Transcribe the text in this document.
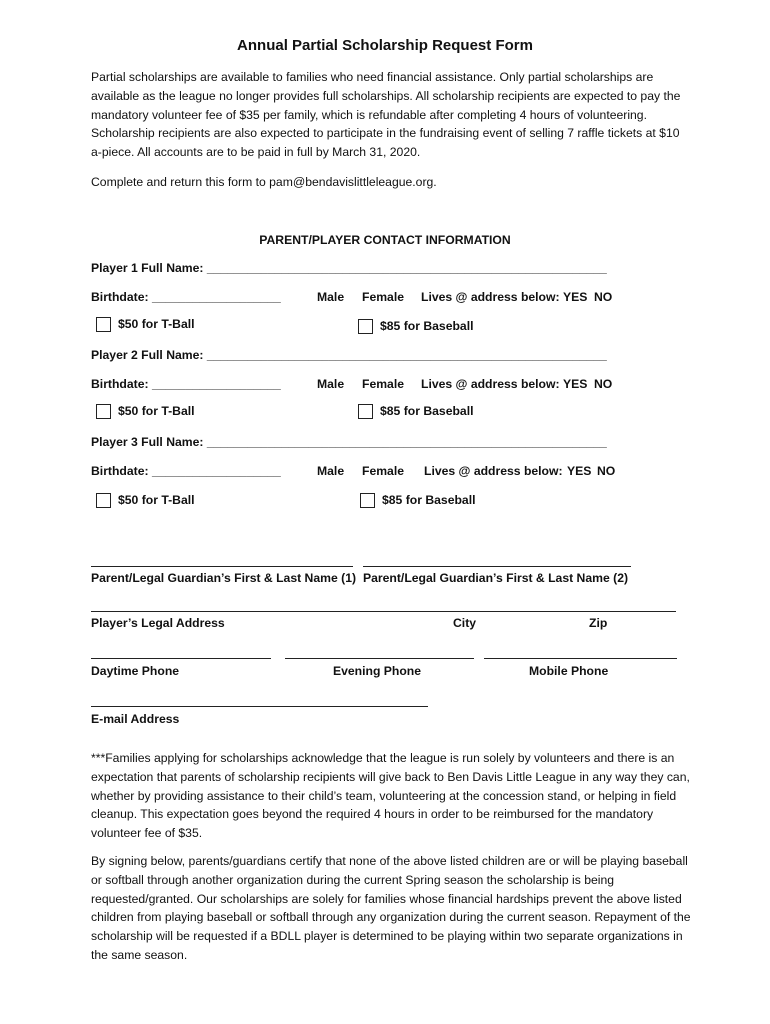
Annual Partial Scholarship Request Form
Partial scholarships are available to families who need financial assistance. Only partial scholarships are available as the league no longer provides full scholarships. All scholarship recipients are expected to pay the mandatory volunteer fee of $35 per family, which is refundable after completing 4 hours of volunteering. Scholarship recipients are also expected to participate in the fundraising event of selling 7 raffle tickets at $10 a-piece. All accounts are to be paid in full by March 31, 2020.
Complete and return this form to pam@bendavislittleleague.org.
PARENT/PLAYER CONTACT INFORMATION
Player 1 Full Name: ___________________________________________________________
Birthdate: ___________________	Male Female Lives @ address below: YES NO
$50 for T-Ball	$85 for Baseball
Player 2 Full Name: ___________________________________________________________
Birthdate: ___________________	Male Female Lives @ address below: YES NO
$50 for T-Ball	$85 for Baseball
Player 3 Full Name: ___________________________________________________________
Birthdate: ___________________	Male Female Lives @ address below: YES NO
$50 for T-Ball	$85 for Baseball
Parent/Legal Guardian’s First & Last Name (1) Parent/Legal Guardian’s First & Last Name (2)
Player’s Legal Address	City	Zip
Daytime Phone	Evening Phone	Mobile Phone
E-mail Address
***Families applying for scholarships acknowledge that the league is run solely by volunteers and there is an expectation that parents of scholarship recipients will give back to Ben Davis Little League in any way they can, whether by providing assistance to their child’s team, volunteering at the concession stand, or helping in field cleanup. This expectation goes beyond the required 4 hours in order to be reimbursed for the mandatory volunteer fee of $35.
By signing below, parents/guardians certify that none of the above listed children are or will be playing baseball or softball through another organization during the current Spring season the scholarship is being requested/granted. Our scholarships are solely for families whose financial hardships prevent the above listed children from playing baseball or softball through any organization during the current season. Repayment of the scholarship will be requested if a BDLL player is determined to be playing within two separate organizations in the same season.
